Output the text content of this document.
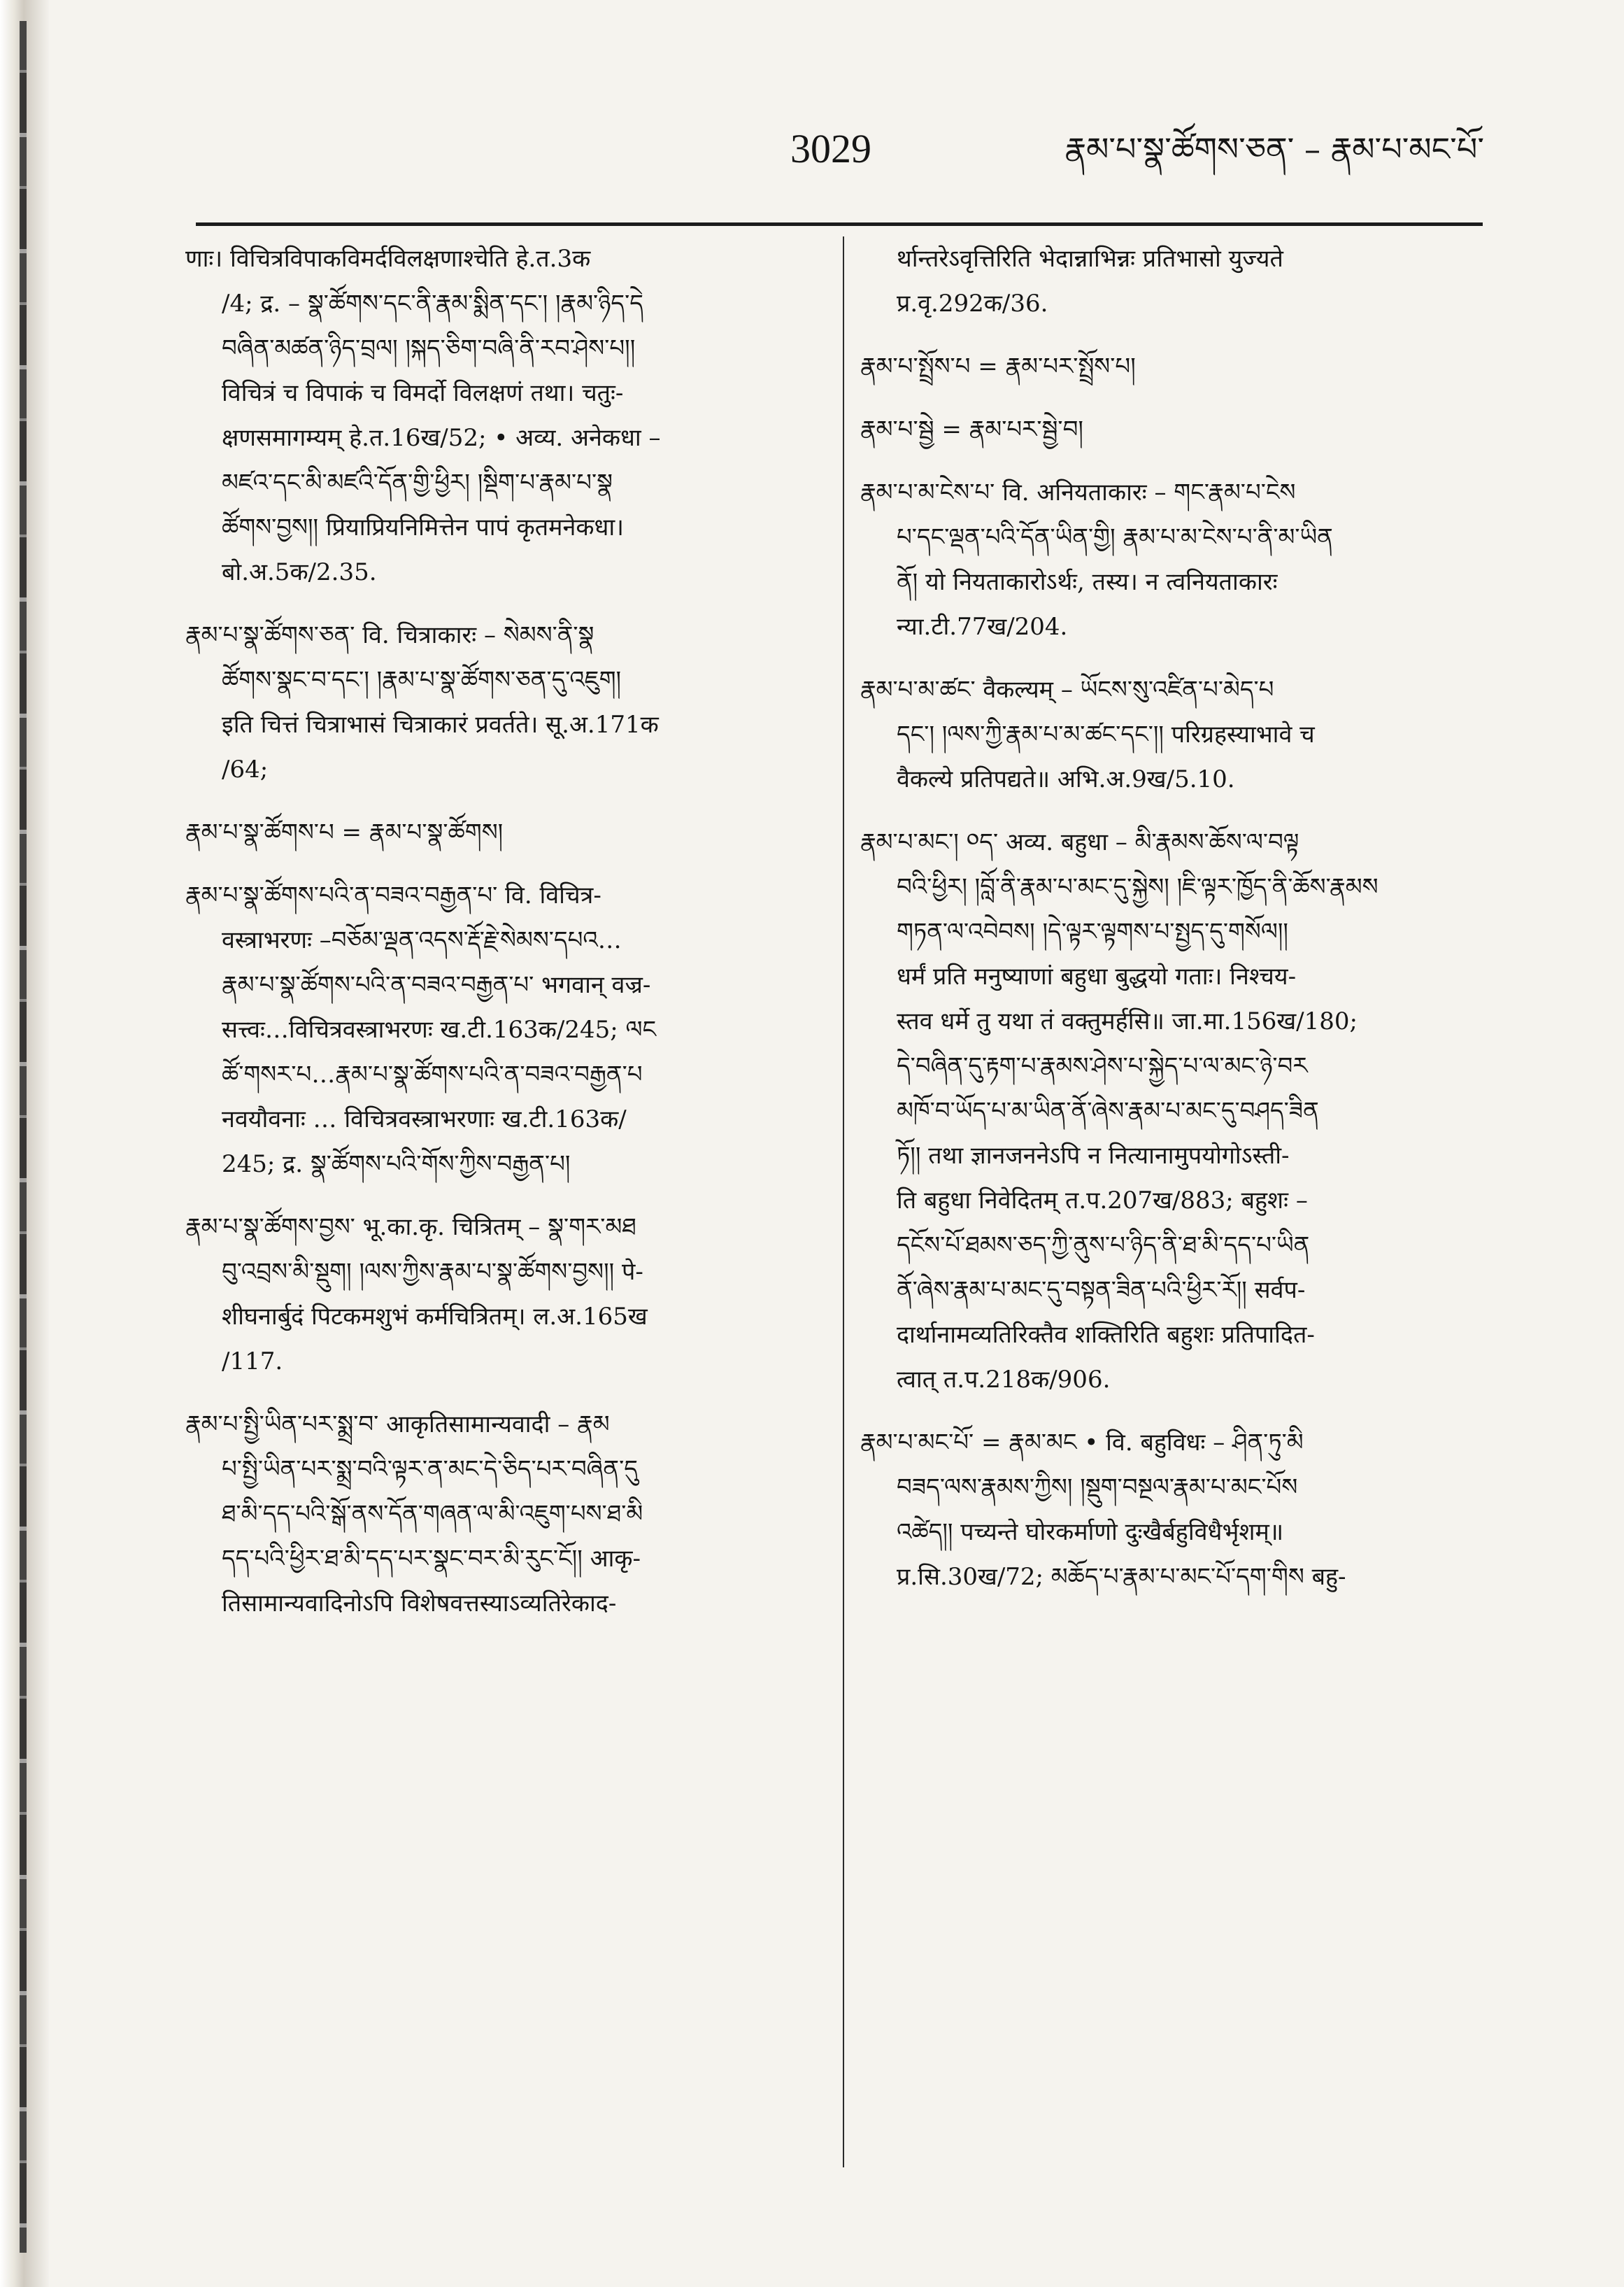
3029	རྣམ་པ་སྣ་ཚོགས་ཅན་ – རྣམ་པ་མང་པོ་
णाः। विचित्रविपाकविमर्दविलक्षणाश्चेति हे.त.3क
/4; द्र. – སྣ་ཚོགས་དང་ནི་རྣམ་སྨིན་དང་། །རྣམ་ཉིད་དེ
བཞིན་མཚན་ཉིད་བྲལ། །སྐད་ཅིག་བཞི་ནི་རབ་ཤེས་པ།།
विचित्रं च विपाकं च विमर्दो विलक्षणं तथा। चतुः-
क्षणसमागम्यम् हे.त.16ख/52; • अव्य. अनेकधा –
མཛའ་དང་མི་མཛའི་དོན་གྱི་ཕྱིར། །སྡིག་པ་རྣམ་པ་སྣ
ཚོགས་བྱས།། प्रियाप्रियनिमित्तेन पापं कृतमनेकधा।
बो.अ.5क/2.35.
རྣམ་པ་སྣ་ཚོགས་ཅན་ वि. चित्राकारः – སེམས་ནི་སྣ
ཚོགས་སྣང་བ་དང་། །རྣམ་པ་སྣ་ཚོགས་ཅན་དུ་འཇུག།
इति चित्तं चित्राभासं चित्राकारं प्रवर्तते। सू.अ.171क
/64;
རྣམ་པ་སྣ་ཚོགས་པ = རྣམ་པ་སྣ་ཚོགས།
རྣམ་པ་སྣ་ཚོགས་པའི་ན་བཟའ་བརྒྱན་པ་ वि. विचित्र-
वस्त्राभरणः –བཅོམ་ལྡན་འདས་རྡོ་རྗེ་སེམས་དཔའ…
རྣམ་པ་སྣ་ཚོགས་པའི་ན་བཟའ་བརྒྱན་པ་ भगवान् वज्र-
सत्त्वः…विचित्रवस्त्राभरणः ख.टी.163क/245; ལང
ཚོ་གསར་པ…རྣམ་པ་སྣ་ཚོགས་པའི་ན་བཟའ་བརྒྱན་པ
नवयौवनाः … विचित्रवस्त्राभरणाः ख.टी.163क/
245; द्र. སྣ་ཚོགས་པའི་གོས་ཀྱིས་བརྒྱན་པ།
རྣམ་པ་སྣ་ཚོགས་བྱས་ भू.का.कृ. चित्रितम् – སྣ་གར་མཐ
བུ་འབྲས་མི་སྡུག། །ལས་ཀྱིས་རྣམ་པ་སྣ་ཚོགས་བྱས།། पे-
शीघनार्बुदं पिटकमशुभं कर्मचित्रितम्। ल.अ.165ख
/117.
རྣམ་པ་སྤྱི་ཡིན་པར་སྨྲ་བ་ आकृतिसामान्यवादी – རྣམ
པ་སྤྱི་ཡིན་པར་སྨྲ་བའི་ལྟར་ན་མང་དེ་ཅིད་པར་བཞིན་དུ
ཐ་མི་དད་པའི་སྒོ་ནས་དོན་གཞན་ལ་མི་འཇུག་པས་ཐ་མི
དད་པའི་ཕྱིར་ཐ་མི་དད་པར་སྣང་བར་མི་རུང་ངོ།། आकृ-
तिसामान्यवादिनोऽपि विशेषवत्तस्याऽव्यतिरेकाद-
र्थान्तरेऽवृत्तिरिति भेदान्नाभिन्नः प्रतिभासो युज्यते
प्र.वृ.292क/36.
རྣམ་པ་སྤྲོས་པ = རྣམ་པར་སྤྲོས་པ།
རྣམ་པ་སྦྱེ = རྣམ་པར་སྦྱེ་བ།
རྣམ་པ་མ་ངེས་པ་ वि. अनियताकारः – གང་རྣམ་པ་ངེས
པ་དང་ལྡན་པའི་དོན་ཡིན་གྱི། རྣམ་པ་མ་ངེས་པ་ནི་མ་ཡིན
ནོ། यो नियताकारोऽर्थः, तस्य। न त्वनियताकारः
न्या.टी.77ख/204.
རྣམ་པ་མ་ཚང་ वैकल्यम् – ཡོངས་སུ་འཛིན་པ་མེད་པ
དང་། །ལས་ཀྱི་རྣམ་པ་མ་ཚང་དང་།། परिग्रहस्याभावे च
वैकल्ये प्रतिपद्यते॥ अभि.अ.9ख/5.10.
རྣམ་པ་མང་། ༠ད་ अव्य. बहुधा – མི་རྣམས་ཆོས་ལ་བལྟ
བའི་ཕྱིར། །བློ་ནི་རྣམ་པ་མང་དུ་སྐྱེས། །ཇི་ལྟར་ཁྱོད་ནི་ཆོས་རྣམས
གཏན་ལ་འབེབས། །དེ་ལྟར་ལྟགས་པ་སྤྱད་དུ་གསོལ།།
धर्मं प्रति मनुष्याणां बहुधा बुद्धयो गताः। निश्चय-
स्तव धर्मे तु यथा तं वक्तुमर्हसि॥ जा.मा.156ख/180;
དེ་བཞིན་དུ་རྟག་པ་རྣམས་ཤེས་པ་སྐྱེད་པ་ལ་མང་ཉེ་བར
མཁོ་བ་ཡོད་པ་མ་ཡིན་ནོ་ཞེས་རྣམ་པ་མང་དུ་བཤད་ཟིན
ཏོ།། तथा ज्ञानजननेऽपि न नित्यानामुपयोगोऽस्ती-
ति बहुधा निवेदितम् त.प.207ख/883; बहुशः –
དངོས་པོ་ཐམས་ཅད་ཀྱི་ནུས་པ་ཉིད་ནི་ཐ་མི་དད་པ་ཡིན
ནོ་ཞེས་རྣམ་པ་མང་དུ་བསྟན་ཟིན་པའི་ཕྱིར་རོ།། सर्वप-
दार्थानामव्यतिरिक्तैव शक्तिरिति बहुशः प्रतिपादित-
त्वात् त.प.218क/906.
རྣམ་པ་མང་པོ་ = རྣམ་མང • वि. बहुविधः – ཤིན་ཏུ་མི
བཟད་ལས་རྣམས་ཀྱིས། །སྡུག་བསྔལ་རྣམ་པ་མང་པོས
འཚེད།། पच्यन्ते घोरकर्माणो दुःखैर्बहुविधैर्भृशम्॥
प्र.सि.30ख/72; མཆོད་པ་རྣམ་པ་མང་པོ་དག་གིས बहु-
